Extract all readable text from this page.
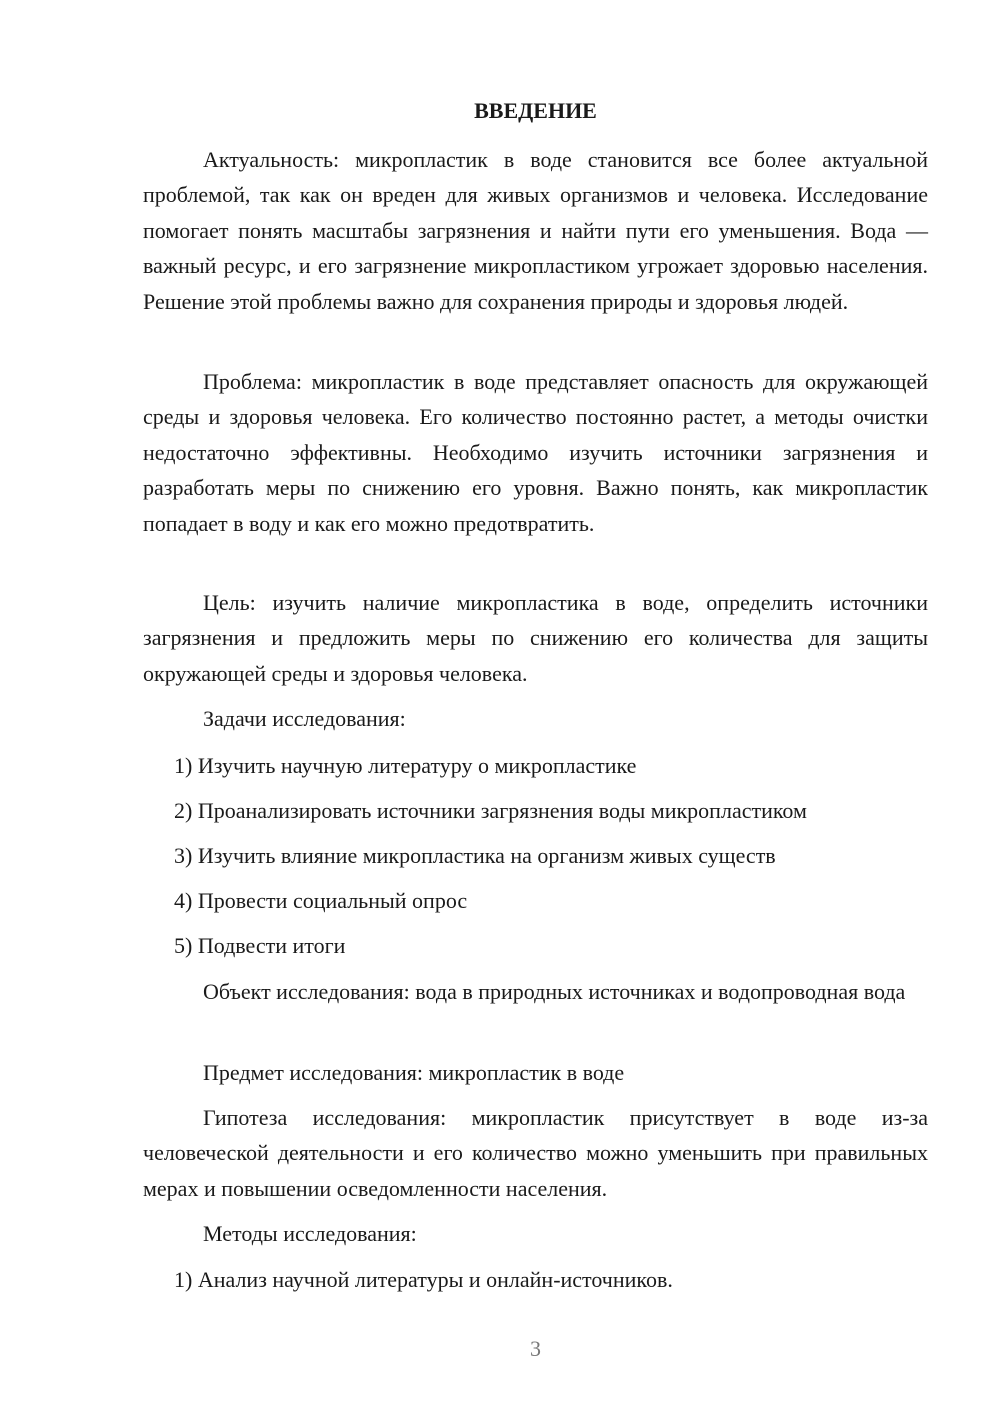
ВВЕДЕНИЕ

Актуальность: микропластик в воде становится все более актуальной проблемой, так как он вреден для живых организмов и человека. Исследование помогает понять масштабы загрязнения и найти пути его уменьшения. Вода — важный ресурс, и его загрязнение микропластиком угрожает здоровью населения. Решение этой проблемы важно для сохранения природы и здоровья людей.

Проблема: микропластик в воде представляет опасность для окружающей среды и здоровья человека. Его количество постоянно растет, а методы очистки недостаточно эффективны. Необходимо изучить источники загрязнения и разработать меры по снижению его уровня. Важно понять, как микропластик попадает в воду и как его можно предотвратить.

Цель: изучить наличие микропластика в воде, определить источники загрязнения и предложить меры по снижению его количества для защиты окружающей среды и здоровья человека.

Задачи исследования:

1) Изучить научную литературу о микропластике

2) Проанализировать источники загрязнения воды микропластиком

3) Изучить влияние микропластика на организм живых существ

4) Провести социальный опрос

5) Подвести итоги

Объект исследования: вода в природных источниках и водопроводная вода

Предмет исследования: микропластик в воде

Гипотеза исследования: микропластик присутствует в воде из-за человеческой деятельности и его количество можно уменьшить при правильных мерах и повышении осведомленности населения.

Методы исследования:

1) Анализ научной литературы и онлайн-источников.

3
